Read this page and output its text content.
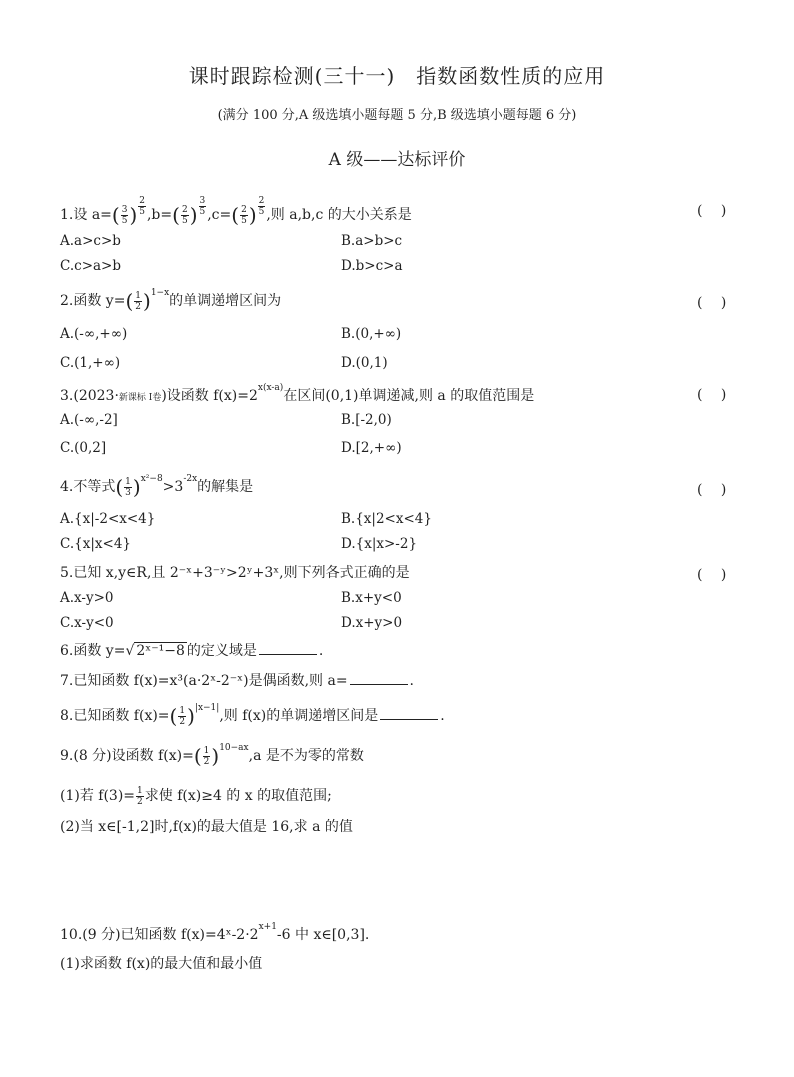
课时跟踪检测(三十一)　指数函数性质的应用
(满分 100 分,A 级选填小题每题 5 分,B 级选填小题每题 6 分)
A 级——达标评价
1.设 $a=( \frac{3}{5}$ ) $^{\frac{2}{5}}$ $,b=( \frac{2}{5}$ ) $^{\frac{3}{5}}$ $,c=( \frac{2}{5}$ ) $^{\frac{2}{5}}$ ,则 a,b,c 的大小关系是	(　 )
A.a>c>b	B.a>b>c
C.c>a>b	D.b>c>a
2.函数 $y=( \frac{1}{2} )^{1-x}$的单调递增区间为	(　 )
A.(-∞,+∞)	B.(0,+∞)
C.(1,+∞)	D.(0,1)
3.(2023·新课标 Ⅰ卷)设函数 $f(x)=2^{x(x-a)}$在区间(0,1)单调递减,则 a 的取值范围是	(　 )
A.(-∞,-2]	B.[-2,0)
C.(0,2]	D.[2,+∞)
4.不等式( $\frac{1}{3} )^{x^2-8}>3^{-2x}$的解集是	(　 )
A.{x|-2<x<4}	B.{x|2<x<4}
C.{x|x<4}	D.{x|x>-2}
5.已知 x,y∈R,且 2⁻ˣ+3⁻ʸ>2ʸ+3ˣ,则下列各式正确的是	(　 )
A.x-y>0	B.x+y<0
C.x-y<0	D.x+y>0
6.函数 y=√ 2ˣ⁻¹−8 的定义域是	.
7.已知函数 f(x)=x³(a·2ˣ-2⁻ˣ)是偶函数,则 a=	.
8.已知函数 $f(x)=( \frac{1}{2} )^{|x-1|}$,则 f(x)的单调递增区间是	.
9.(8 分)设函数 $f(x)=( \frac{1}{2} )^{10-ax},a$ 是不为零的常数
(1)若 $f(3)= \frac{1}{2}$ 求使 f(x)≥4 的 x 的取值范围;
(2)当 x∈[-1,2]时,f(x)的最大值是 16,求 a 的值
10.(9 分)已知函数 $f(x)=4ˣ-2\cdot 2^{x+1}-6$ 中 x∈[0,3].
(1)求函数 f(x)的最大值和最小值
